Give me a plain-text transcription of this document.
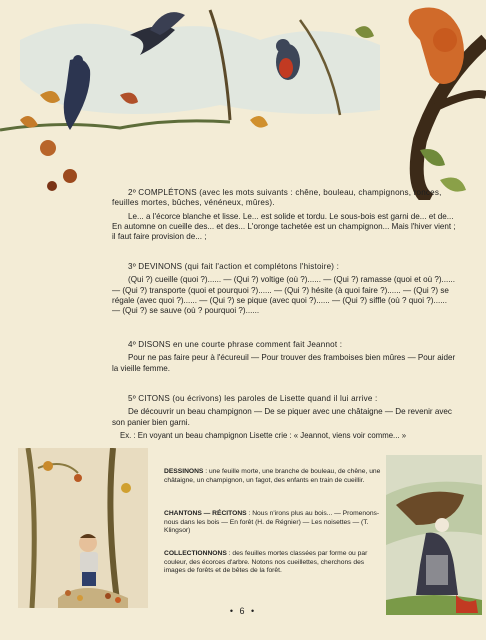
2º COMPLÉTONS (avec les mots suivants : chêne, bouleau, champignons, ronces, feuilles mortes, bûches, vénéneux, mûres).

Le... a l'écorce blanche et lisse. Le... est solide et tordu. Le sous-bois est garni de... et de... En automne on cueille des... et des... L'oronge tachetée est un champignon... Mais l'hiver vient ; il faut faire provision de... ;

3º DEVINONS (qui fait l'action et complétons l'histoire) :

(Qui ?) cueille (quoi ?)...... — (Qui ?) voltige (où ?)...... — (Qui ?) ramasse (quoi et où ?)...... — (Qui ?) transporte (quoi et pourquoi ?)...... — (Qui ?) hésite (à quoi faire ?)...... — (Qui ?) se régale (avec quoi ?)...... — (Qui ?) se pique (avec quoi ?)...... — (Qui ?) siffle (où ? quoi ?)...... — (Qui ?) se sauve (où ? pourquoi ?)......

4º DISONS en une courte phrase comment fait Jeannot :

Pour ne pas faire peur à l'écureuil — Pour trouver des framboises bien mûres — Pour aider la vieille femme.

5º CITONS (ou écrivons) les paroles de Lisette quand il lui arrive :

De découvrir un beau champignon — De se piquer avec une châtaigne — De revenir avec son panier bien garni.

Ex. : En voyant un beau champignon Lisette crie : « Jeannot, viens voir comme... »

DESSINONS : une feuille morte, une branche de bouleau, de chêne, une châtaigne, un champignon, un fagot, des enfants en train de cueillir.
CHANTONS — RÉCITONS : Nous n'irons plus au bois... — Promenons-nous dans les bois — En forêt (H. de Régnier) — Les noisettes — (T. Klingsor)
COLLECTIONNONS : des feuilles mortes classées par forme ou par couleur, des écorces d'arbre. Notons nos cueillettes, cherchons des images de forêts et de bêtes de la forêt.
• 6 •
